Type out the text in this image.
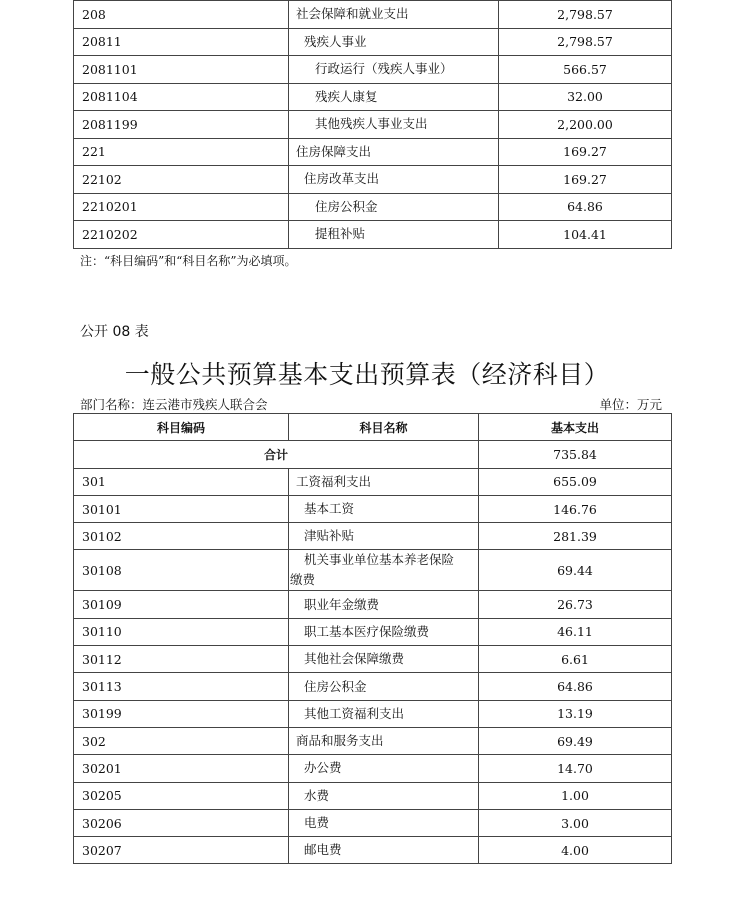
208	社会保障和就业支出	2,798.57
20811	残疾人事业	2,798.57
2081101	行政运行（残疾人事业）	566.57
2081104	残疾人康复	32.00
2081199	其他残疾人事业支出	2,200.00
221	住房保障支出	169.27
22102	住房改革支出	169.27
2210201	住房公积金	64.86
2210202	提租补贴	104.41
注：“科目编码”和“科目名称”为必填项。
公开 08 表
一般公共预算基本支出预算表（经济科目）
部门名称：连云港市残疾人联合会	单位：万元
科目编码	科目名称	基本支出
合计		735.84
301	工资福利支出	655.09
30101	基本工资	146.76
30102	津贴补贴	281.39
30108	机关事业单位基本养老保险
缴费	69.44
30109	职业年金缴费	26.73
30110	职工基本医疗保险缴费	46.11
30112	其他社会保障缴费	6.61
30113	住房公积金	64.86
30199	其他工资福利支出	13.19
302	商品和服务支出	69.49
30201	办公费	14.70
30205	水费	1.00
30206	电费	3.00
30207	邮电费	4.00
